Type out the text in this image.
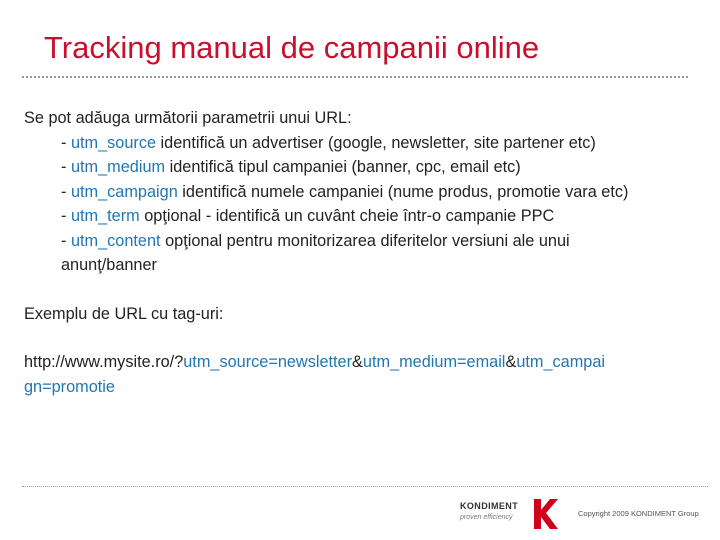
Tracking manual de campanii online

Se pot adăuga următorii parametrii unui URL:

- utm_source identifică un advertiser (google, newsletter, site partener etc)
- utm_medium identifică tipul campaniei (banner, cpc, email etc)
- utm_campaign identifică numele campaniei (nume produs, promotie vara etc)
- utm_term opţional - identifică un cuvânt cheie într-o campanie PPC
- utm_content opţional pentru monitorizarea diferitelor versiuni ale unui
anunţ/banner

Exemplu de URL cu tag-uri:

http://www.mysite.ro/?utm_source=newsletter&utm_medium=email&utm_campai
gn=promotie
KONDIMENT
proven efficiency	Copyright 2009 KONDIMENT Group
